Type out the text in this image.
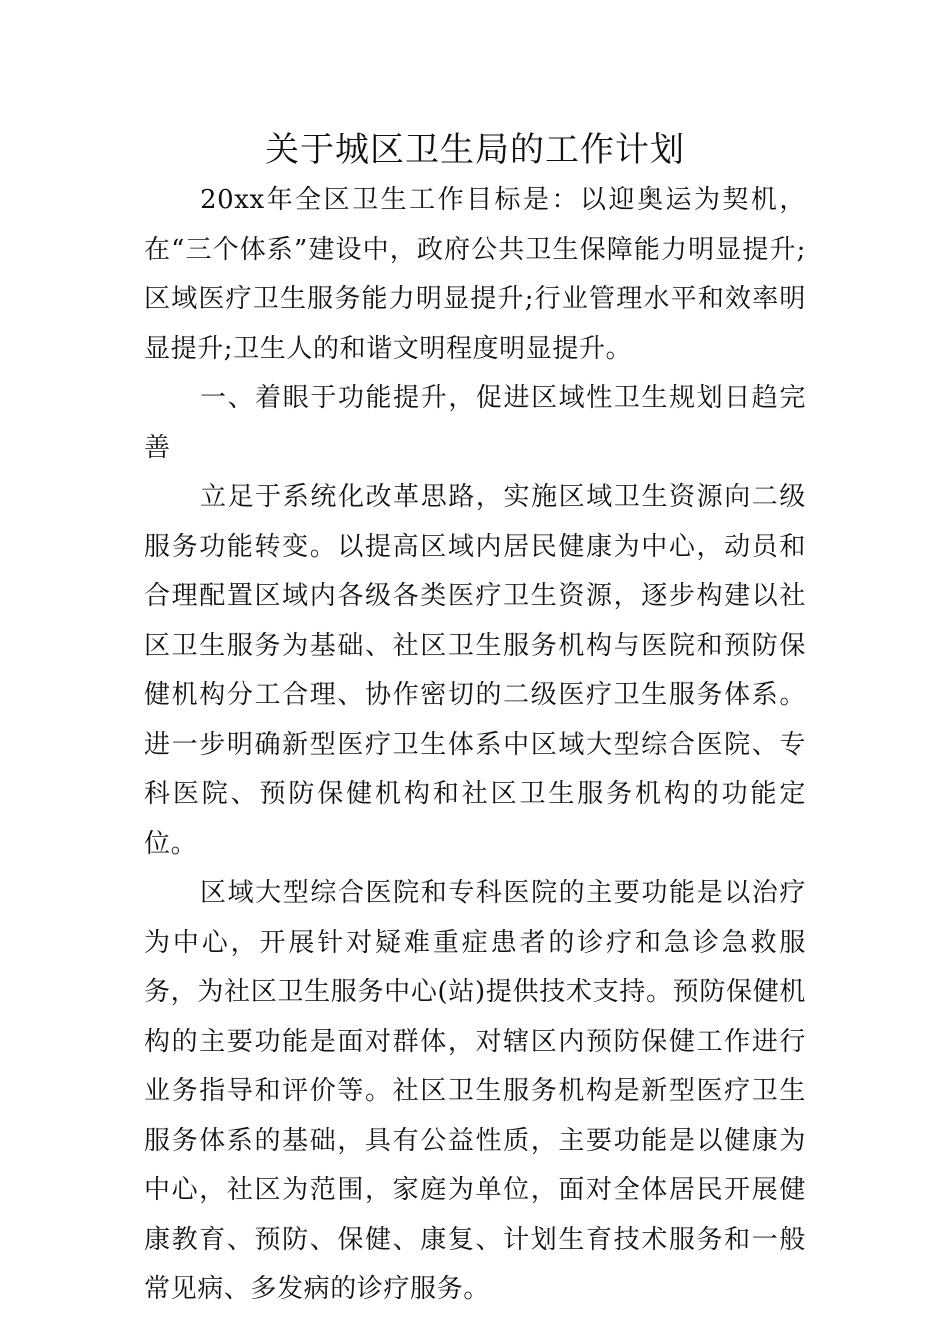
关于城区卫生局的工作计划

20xx年全区卫生工作目标是：以迎奥运为契机，在“三个体系”建设中，政府公共卫生保障能力明显提升;区域医疗卫生服务能力明显提升;行业管理水平和效率明显提升;卫生人的和谐文明程度明显提升。

一、着眼于功能提升，促进区域性卫生规划日趋完善

立足于系统化改革思路，实施区域卫生资源向二级服务功能转变。以提高区域内居民健康为中心，动员和合理配置区域内各级各类医疗卫生资源，逐步构建以社区卫生服务为基础、社区卫生服务机构与医院和预防保健机构分工合理、协作密切的二级医疗卫生服务体系。进一步明确新型医疗卫生体系中区域大型综合医院、专科医院、预防保健机构和社区卫生服务机构的功能定位。

区域大型综合医院和专科医院的主要功能是以治疗为中心，开展针对疑难重症患者的诊疗和急诊急救服务，为社区卫生服务中心(站)提供技术支持。预防保健机构的主要功能是面对群体，对辖区内预防保健工作进行业务指导和评价等。社区卫生服务机构是新型医疗卫生服务体系的基础，具有公益性质，主要功能是以健康为中心，社区为范围，家庭为单位，面对全体居民开展健康教育、预防、保健、康复、计划生育技术服务和一般常见病、多发病的诊疗服务。
